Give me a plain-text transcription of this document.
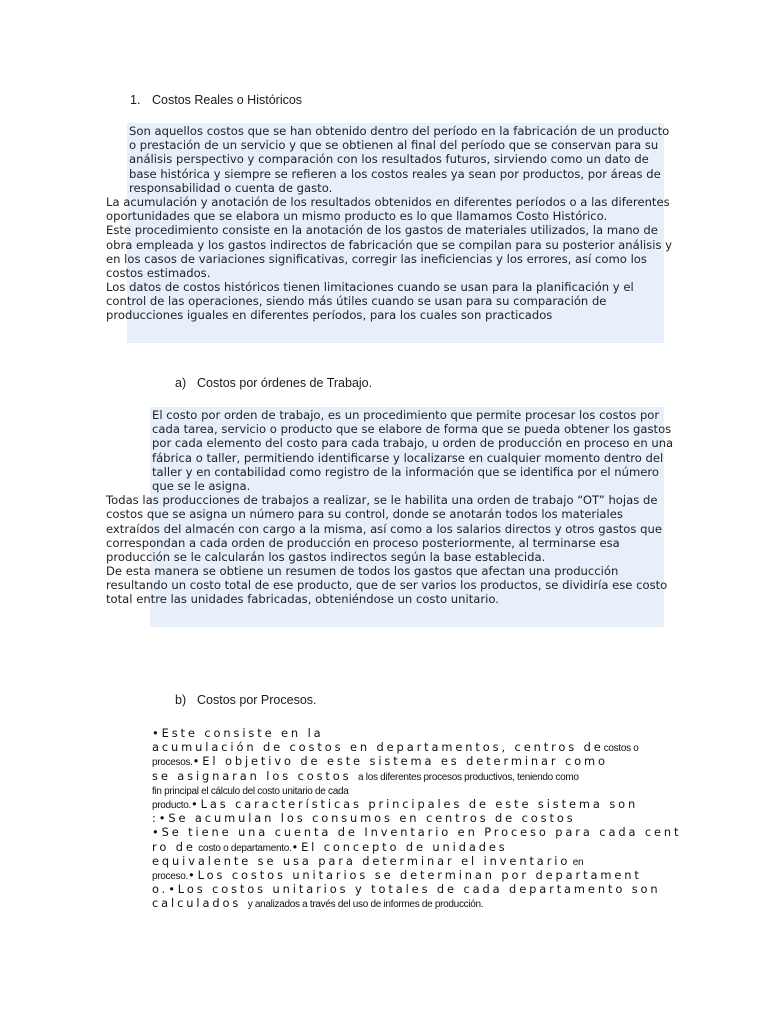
1. Costos Reales o Históricos
Son aquellos costos que se han obtenido dentro del período en la fabricación de un producto
o prestación de un servicio y que se obtienen al final del período que se conservan para su
análisis perspectivo y comparación con los resultados futuros, sirviendo como un dato de
base histórica y siempre se refieren a los costos reales ya sean por productos, por áreas de
responsabilidad o cuenta de gasto.
La acumulación y anotación de los resultados obtenidos en diferentes períodos o a las diferentes
oportunidades que se elabora un mismo producto es lo que llamamos Costo Histórico.
Este procedimiento consiste en la anotación de los gastos de materiales utilizados, la mano de
obra empleada y los gastos indirectos de fabricación que se compilan para su posterior análisis y
en los casos de variaciones significativas, corregir las ineficiencias y los errores, así como los
costos estimados.
Los datos de costos históricos tienen limitaciones cuando se usan para la planificación y el
control de las operaciones, siendo más útiles cuando se usan para su comparación de
producciones iguales en diferentes períodos, para los cuales son practicados
a) Costos por órdenes de Trabajo.
El costo por orden de trabajo, es un procedimiento que permite procesar los costos por
cada tarea, servicio o producto que se elabore de forma que se pueda obtener los gastos
por cada elemento del costo para cada trabajo, u orden de producción en proceso en una
fábrica o taller, permitiendo identificarse y localizarse en cualquier momento dentro del
taller y en contabilidad como registro de la información que se identifica por el número
que se le asigna.
Todas las producciones de trabajos a realizar, se le habilita una orden de trabajo “OT” hojas de
costos que se asigna un número para su control, donde se anotarán todos los materiales
extraídos del almacén con cargo a la misma, así como a los salarios directos y otros gastos que
correspondan a cada orden de producción en proceso posteriormente, al terminarse esa
producción se le calcularán los gastos indirectos según la base establecida.
De esta manera se obtiene un resumen de todos los gastos que afectan una producción
resultando un costo total de ese producto, que de ser varios los productos, se dividiría ese costo
total entre las unidades fabricadas, obteniéndose un costo unitario.
b) Costos por Procesos.
•Este consiste en la
acumulación de costos en departamentos, centros decostos o
procesos.•El objetivo de este sistema es determinar como
se asignaran los costos a los diferentes procesos productivos, teniendo como
fin principal el cálculo del costo unitario de cada
producto.•Las características principales de este sistema son
:•Se acumulan los consumos en centros de costos
•Se tiene una cuenta de Inventario en Proceso para cada cent
ro de costo o departamento.•El concepto de unidades
equivalente se usa para determinar el inventario en
proceso.•Los costos unitarios se determinan por departament
o.•Los costos unitarios y totales de cada departamento son
calculados y analizados a través del uso de informes de producción.
